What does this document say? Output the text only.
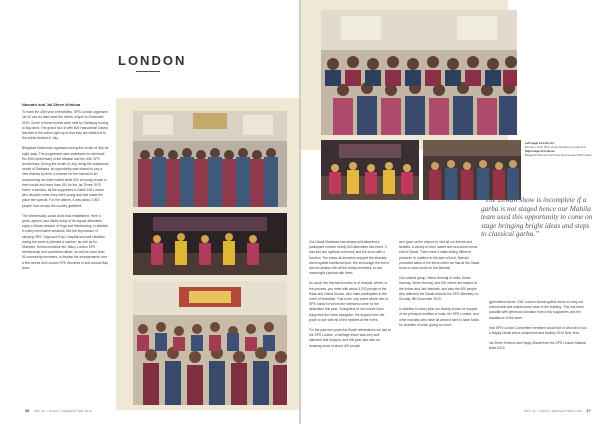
LONDON
Navratri and Jal Shree Krishna

To mark the 40th year of festivities, SPS London organised Jal 40 mor du bahi rasm the month of April to December 2015. Some of these events were held by Sahaiyog touring to Bay Area. The grand tour of with 600 Hansraman Dasha Navratri of the Indian right-up to that they are related at to the Indian festival in July.

Bhagavat Katha was organised during the month of July for eight days. The programme was undertaken to celebrate the 40th Anniversary of the Mandal and the 40th SPS Anniversary. During the month of July, being the auspicious month of Sadhana, an opportunity was shared to pay a new dharma by their, a manner for the mandal in an unusual way we were invited while 600 of young people in their hands and more than 100 for the Jal 'Shree' SPS event; a sanctus, all the supporters in Sahiti 108 London who devotion when they were young and that made the place feel special. For the visitors, it was about 2,000 people from across the country gathered.

The Wednesday, social clubs was established. Here a great, agreed, and diddly many of its regular attendees enjoy a Whole session of Yoga and Wednesday, in addition to many informative sessions, like the importance of carrying SRS. Yoga and Puja. Hospital and well visitation during the week is planned a number, as well as for Diabetes, Herbal medicine etc. Many London SPS membership and volunteers rallied, as well as more than 50 community members, to finalise the arrangements over a few weeks and London SPS devotees in and around Bay Area.

26 SPS UK • DIWALI NEWSLETTER 2016
Left image from the top:
Members of the SPS London Mandal at a mela event
Right image from above:
Bhagavat Katha and Jal Shree Krishna event SPS London

Our Diwali Mahotsav has always self-attended a participant number nearly 600 attendees this event. It was into two spiritual ceremony and the show with a function. The areas all devotees enjoyed the diversity and exquisite traditional food. We encourage the event, and we always with all the family members, to see meaningful spiritual with them.

As usual, the Navratri function is of musical, where, in the process, you meet with about 3,000 people in the Raas and Garba Kholvu, who each participates in the event of festivities. This is the only event where new to SPS Santa for whom the members come for the dedication this year. Youngsters of our culture have supported the event alongside, the support from the youth to see with all of the families at the event.

For the past few years the Diwali celebrations we had at the SPS London, a heritage which was very well attended and enjoyed, and this year also with an amazing show of about 400 people.

as it gave us the chance to visit all our friends and families. A variety of food, sweet and sea-sheen items Holi to Diwali. There were 4 stalls selling different products. In addition to the sale of food, Mandal promoted sales of the items which we had at the Diwali show to raise funds for the Mandal.

Our cultural group, Hema Hemraji of India, Shree Hansraj, Shree Hemraj, and 200 others are shared at the Indian and Jain festivals, and also the 600 people who attended the Diwali show at the SPS Wembley on Sunday, 8th November 2015.

In addition to every year our charity shows for support of our principal charities in India, the SPS London, and other mandals who have all worked hard to raise funds for charities in India, giving so much.

gymnastics dance; GHL London events gather funds to carry out commercial and maintenance work in the building. This has been possible with generous donation from a few supporters and the assistance of the team.

Hari SPS London Committee members would like to wish all of you a Happy Diwali and a prosperous and healthy 2016 New Year.

Jai Shree Krishna and Happy Diwali from the SPS London Mandal team 2015

SPS UK • DIWALI NEWSLETTER 2016 27
“The Diwali show is incomplete if a garba is not staged hence our Mahila team used this opportunity to come on stage bringing bright ideas and steps to classical garba.”
